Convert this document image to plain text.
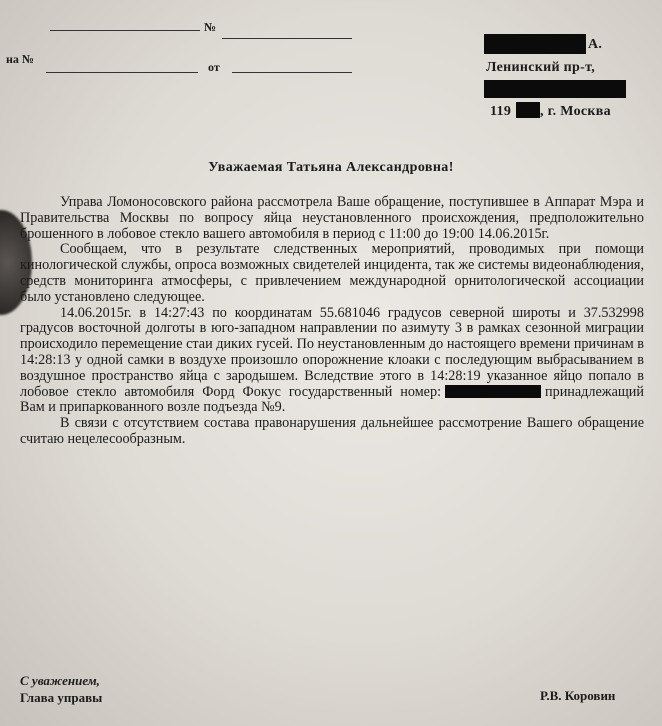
№
на №
от
А.
Ленинский пр-т,
119 , г. Москва
Уважаемая Татьяна Александровна!

Управа Ломоносовского района рассмотрела Ваше обращение, поступившее в Аппарат Мэра и Правительства Москвы по вопросу яйца неустановленного происхождения, предположительно брошенного в лобовое стекло вашего автомобиля в период с 11:00 до 19:00 14.06.2015г.

Сообщаем, что в результате следственных мероприятий, проводимых при помощи кинологической службы, опроса возможных свидетелей инцидента, так же системы видеонаблюдения, средств мониторинга атмосферы, с привлечением международной орнитологической ассоциации было установлено следующее.

14.06.2015г. в 14:27:43 по координатам 55.681046 градусов северной широты и 37.532998 градусов восточной долготы в юго-западном направлении по азимуту 3 в рамках сезонной миграции происходило перемещение стаи диких гусей. По неустановленным до настоящего времени причинам в 14:28:13 у одной самки в воздухе произошло опорожнение клоаки с последующим выбрасыванием в воздушное пространство яйца с зародышем. Вследствие этого в 14:28:19 указанное яйцо попало в лобовое стекло автомобиля Форд Фокус государственный номер:	принадлежащий Вам и припаркованного возле подъезда №9.

В связи с отсутствием состава правонарушения дальнейшее рассмотрение Вашего обращение считаю нецелесообразным.

С уважением,
Глава управы	Р.В. Коровин
